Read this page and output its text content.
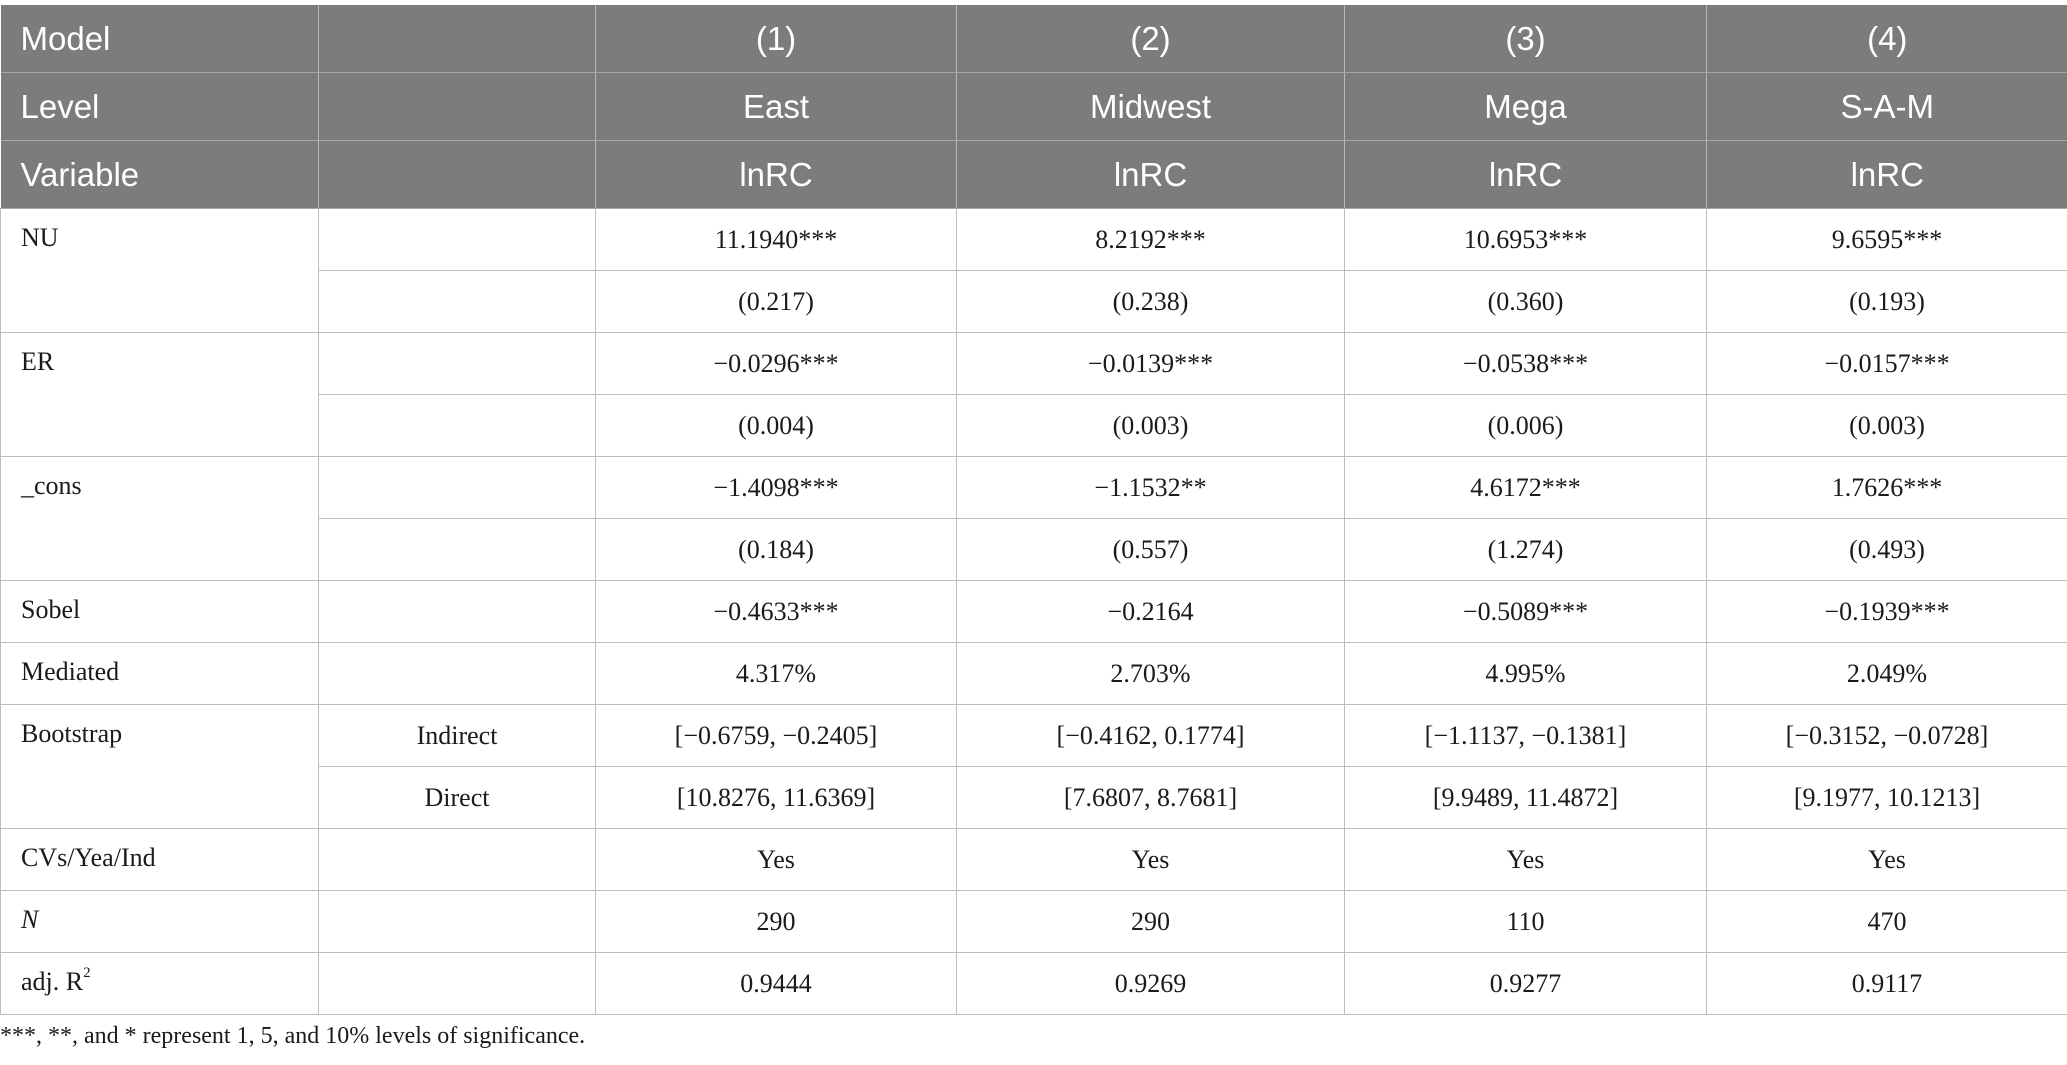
Model		(1)	(2)	(3)	(4)
Level		East	Midwest	Mega	S-A-M
Variable		lnRC	lnRC	lnRC	lnRC
NU		11.1940***	8.2192***	10.6953***	9.6595***
		(0.217)	(0.238)	(0.360)	(0.193)
ER		−0.0296***	−0.0139***	−0.0538***	−0.0157***
		(0.004)	(0.003)	(0.006)	(0.003)
_cons		−1.4098***	−1.1532**	4.6172***	1.7626***
		(0.184)	(0.557)	(1.274)	(0.493)
Sobel		−0.4633***	−0.2164	−0.5089***	−0.1939***
Mediated		4.317%	2.703%	4.995%	2.049%
Bootstrap	Indirect	[−0.6759, −0.2405]	[−0.4162, 0.1774]	[−1.1137, −0.1381]	[−0.3152, −0.0728]
	Direct	[10.8276, 11.6369]	[7.6807, 8.7681]	[9.9489, 11.4872]	[9.1977, 10.1213]
CVs/Yea/Ind		Yes	Yes	Yes	Yes
N		290	290	110	470
adj. $R^2$		0.9444	0.9269	0.9277	0.9117
***, **, and * represent 1, 5, and 10% levels of significance.
